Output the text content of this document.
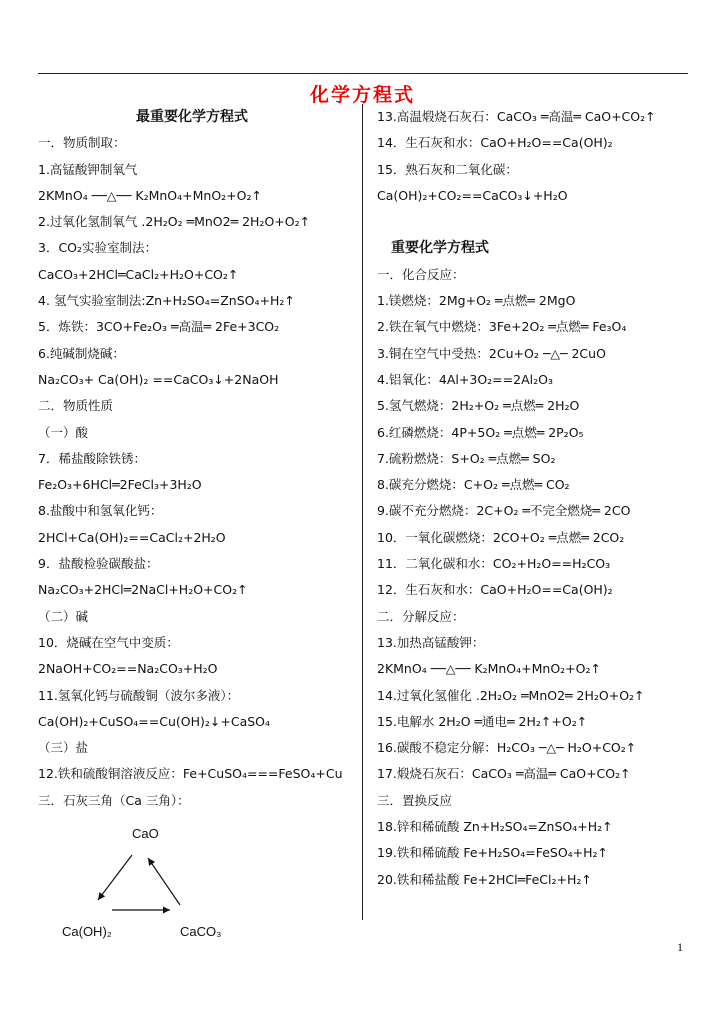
化学方程式
最重要化学方程式
一．物质制取：
1.高锰酸钾制氧气
2KMnO₄ ──△── K₂MnO₄+MnO₂+O₂↑
2.过氧化氢制氧气 .2H₂O₂ ═MnO2═ 2H₂O+O₂↑
3．CO₂实验室制法：
CaCO₃+2HCl═CaCl₂+H₂O+CO₂↑
4. 氢气实验室制法:Zn+H₂SO₄=ZnSO₄+H₂↑
5．炼铁：3CO+Fe₂O₃ ═高温═ 2Fe+3CO₂
6.纯碱制烧碱：
Na₂CO₃+ Ca(OH)₂ ==CaCO₃↓+2NaOH
二．物质性质
（一）酸
7．稀盐酸除铁锈：
Fe₂O₃+6HCl═2FeCl₃+3H₂O
8.盐酸中和氢氧化钙：
2HCl+Ca(OH)₂==CaCl₂+2H₂O
9．盐酸检验碳酸盐：
Na₂CO₃+2HCl═2NaCl+H₂O+CO₂↑
（二）碱
10．烧碱在空气中变质：
2NaOH+CO₂==Na₂CO₃+H₂O
11.氢氧化钙与硫酸铜（波尔多液）：
Ca(OH)₂+CuSO₄==Cu(OH)₂↓+CaSO₄
（三）盐
12.铁和硫酸铜溶液反应：Fe+CuSO₄===FeSO₄+Cu
三．石灰三角（Ca 三角）：
13.高温煅烧石灰石：CaCO₃ ═高温═ CaO+CO₂↑
14．生石灰和水：CaO+H₂O==Ca(OH)₂
15．熟石灰和二氧化碳：
Ca(OH)₂+CO₂==CaCO₃↓+H₂O
重要化学方程式
一．化合反应：
1.镁燃烧：2Mg+O₂ ═点燃═ 2MgO
2.铁在氧气中燃烧：3Fe+2O₂ ═点燃═ Fe₃O₄
3.铜在空气中受热：2Cu+O₂ ─△─ 2CuO
4.铝氧化：4Al+3O₂==2Al₂O₃
5.氢气燃烧：2H₂+O₂ ═点燃═ 2H₂O
6.红磷燃烧：4P+5O₂ ═点燃═ 2P₂O₅
7.硫粉燃烧：S+O₂ ═点燃═ SO₂
8.碳充分燃烧：C+O₂ ═点燃═ CO₂
9.碳不充分燃烧：2C+O₂ ═不完全燃烧═ 2CO
10．一氧化碳燃烧：2CO+O₂ ═点燃═ 2CO₂
11．二氧化碳和水：CO₂+H₂O==H₂CO₃
12．生石灰和水：CaO+H₂O==Ca(OH)₂
二．分解反应：
13.加热高锰酸钾：
2KMnO₄ ──△── K₂MnO₄+MnO₂+O₂↑
14.过氧化氢催化 .2H₂O₂ ═MnO2═ 2H₂O+O₂↑
15.电解水 2H₂O ═通电═ 2H₂↑+O₂↑
16.碳酸不稳定分解：H₂CO₃ ─△─ H₂O+CO₂↑
17.煅烧石灰石：CaCO₃ ═高温═ CaO+CO₂↑
三．置换反应
18.锌和稀硫酸 Zn+H₂SO₄=ZnSO₄+H₂↑
19.铁和稀硫酸 Fe+H₂SO₄=FeSO₄+H₂↑
20.铁和稀盐酸 Fe+2HCl═FeCl₂+H₂↑
CaO
Ca(OH)₂	CaCO₃
1
